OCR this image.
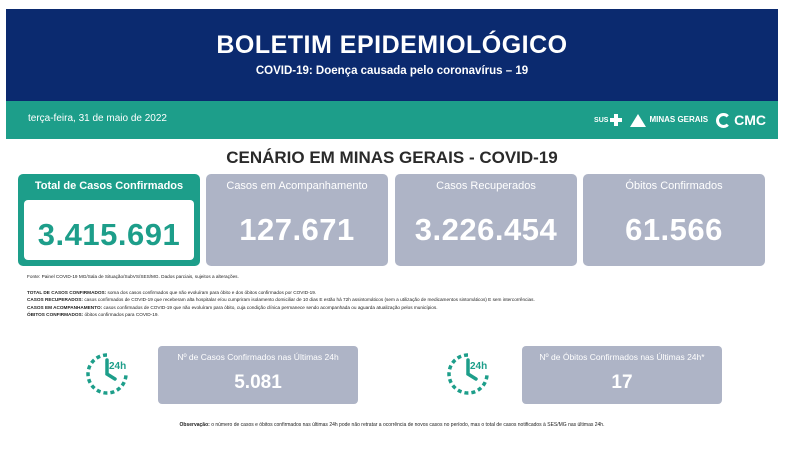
BOLETIM EPIDEMIOLÓGICO
COVID-19: Doença causada pelo coronavírus – 19
terça-feira, 31 de maio de 2022	SUS	MINAS GERAIS CMC
CENÁRIO EM MINAS GERAIS - COVID-19
Total de Casos Confirmados
3.415.691
Casos em Acompanhamento
127.671
Casos Recuperados
3.226.454
Óbitos Confirmados
61.566
Fonte: Painel COVID-19 MG/Sala de Situação/SubVS/SES/MG. Dados parciais, sujeitos a alterações.
TOTAL DE CASOS CONFIRMADOS: soma dos casos confirmados que não evoluíram para óbito e dos óbitos confirmados por COVID-19.
CASOS RECUPERADOS: casos confirmados de COVID-19 que receberam alta hospitalar e/ou cumpriram isolamento domiciliar de 10 dias E estão há 72h assintomáticos (sem a utilização de medicamentos sintomáticos) E sem intercorrências.
CASOS EM ACOMPANHAMENTO: casos confirmados de COVID-19 que não evoluíram para óbito, cuja condição clínica permanece sendo acompanhada ou aguarda atualização pelos municípios.
ÓBITOS CONFIRMADOS: óbitos confirmados para COVID-19.
24h
Nº de Casos Confirmados nas Últimas 24h
5.081
24h
Nº de Óbitos Confirmados nas Últimas 24h*
17
Observação: o número de casos e óbitos confirmados nas últimas 24h pode não retratar a ocorrência de novos casos no período, mas o total de casos notificados à SES/MG nas últimas 24h.
